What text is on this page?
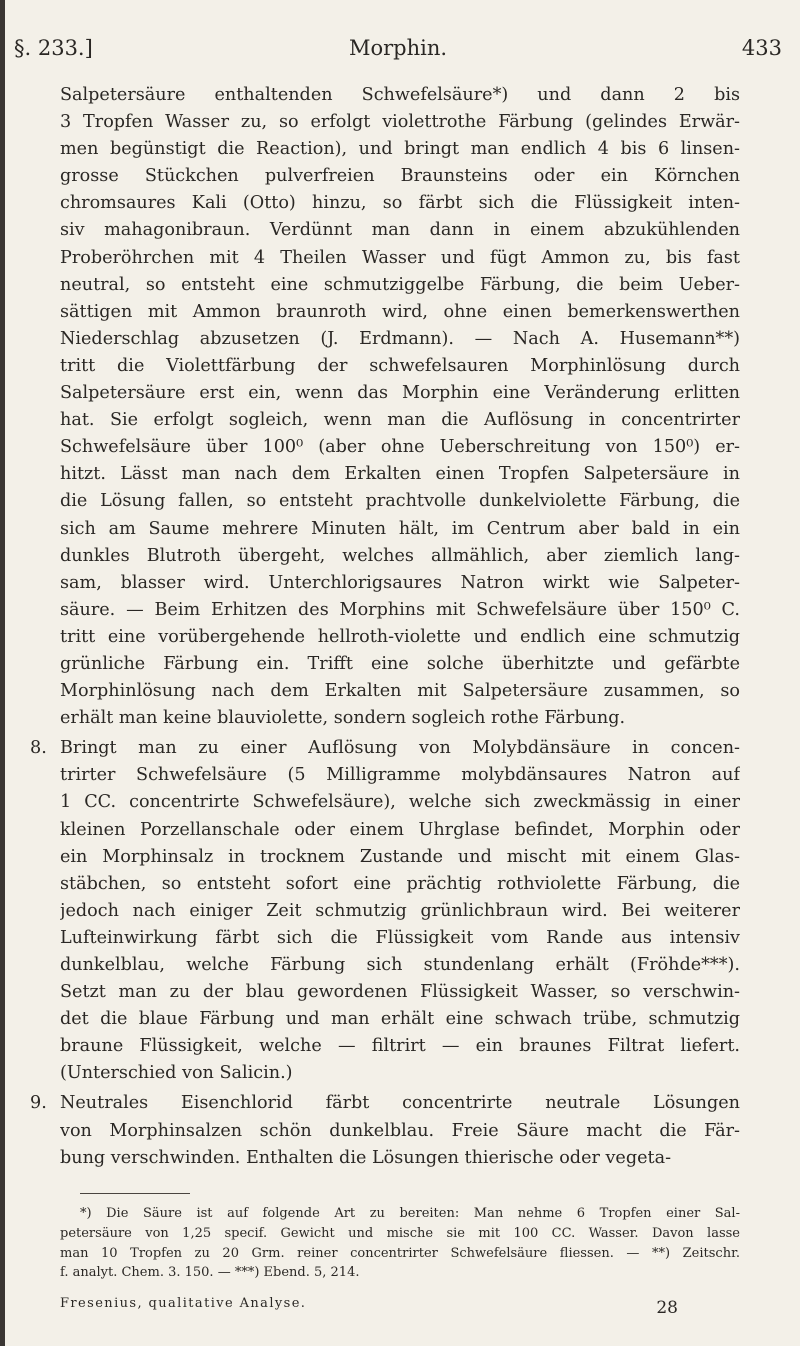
§. 233.]	Morphin.	433
Salpetersäure enthaltenden Schwefelsäure*) und dann 2 bis
3 Tropfen Wasser zu, so erfolgt violettrothe Färbung (gelindes Erwär-
men begünstigt die Reaction), und bringt man endlich 4 bis 6 linsen-
grosse Stückchen pulverfreien Braunsteins oder ein Körnchen
chromsaures Kali (Otto) hinzu, so färbt sich die Flüssigkeit inten-
siv mahagonibraun. Verdünnt man dann in einem abzukühlenden
Proberöhrchen mit 4 Theilen Wasser und fügt Ammon zu, bis fast
neutral, so entsteht eine schmutziggelbe Färbung, die beim Ueber-
sättigen mit Ammon braunroth wird, ohne einen bemerkenswerthen
Niederschlag abzusetzen (J. Erdmann). — Nach A. Husemann**)
tritt die Violettfärbung der schwefelsauren Morphinlösung durch
Salpetersäure erst ein, wenn das Morphin eine Veränderung erlitten
hat. Sie erfolgt sogleich, wenn man die Auflösung in concentrirter
Schwefelsäure über 100⁰ (aber ohne Ueberschreitung von 150⁰) er-
hitzt. Lässt man nach dem Erkalten einen Tropfen Salpetersäure in
die Lösung fallen, so entsteht prachtvolle dunkelviolette Färbung, die
sich am Saume mehrere Minuten hält, im Centrum aber bald in ein
dunkles Blutroth übergeht, welches allmählich, aber ziemlich lang-
sam, blasser wird. Unterchlorigsaures Natron wirkt wie Salpeter-
säure. — Beim Erhitzen des Morphins mit Schwefelsäure über 150⁰ C.
tritt eine vorübergehende hellroth-violette und endlich eine schmutzig
grünliche Färbung ein. Trifft eine solche überhitzte und gefärbte
Morphinlösung nach dem Erkalten mit Salpetersäure zusammen, so
erhält man keine blauviolette, sondern sogleich rothe Färbung.
8. Bringt man zu einer Auflösung von Molybdänsäure in concen-
trirter Schwefelsäure (5 Milligramme molybdänsaures Natron auf
1 CC. concentrirte Schwefelsäure), welche sich zweckmässig in einer
kleinen Porzellanschale oder einem Uhrglase befindet, Morphin oder
ein Morphinsalz in trocknem Zustande und mischt mit einem Glas-
stäbchen, so entsteht sofort eine prächtig rothviolette Färbung, die
jedoch nach einiger Zeit schmutzig grünlichbraun wird. Bei weiterer
Lufteinwirkung färbt sich die Flüssigkeit vom Rande aus intensiv
dunkelblau, welche Färbung sich stundenlang erhält (Fröhde***).
Setzt man zu der blau gewordenen Flüssigkeit Wasser, so verschwin-
det die blaue Färbung und man erhält eine schwach trübe, schmutzig
braune Flüssigkeit, welche — filtrirt — ein braunes Filtrat liefert.
(Unterschied von Salicin.)
9. Neutrales Eisenchlorid färbt concentrirte neutrale Lösungen
von Morphinsalzen schön dunkelblau. Freie Säure macht die Fär-
bung verschwinden. Enthalten die Lösungen thierische oder vegeta-
*) Die Säure ist auf folgende Art zu bereiten: Man nehme 6 Tropfen einer Sal-
petersäure von 1,25 specif. Gewicht und mische sie mit 100 CC. Wasser. Davon lasse
man 10 Tropfen zu 20 Grm. reiner concentrirter Schwefelsäure fliessen. — **) Zeitschr.
f. analyt. Chem. 3. 150. — ***) Ebend. 5, 214.
Fresenius, qualitative Analyse.	28
